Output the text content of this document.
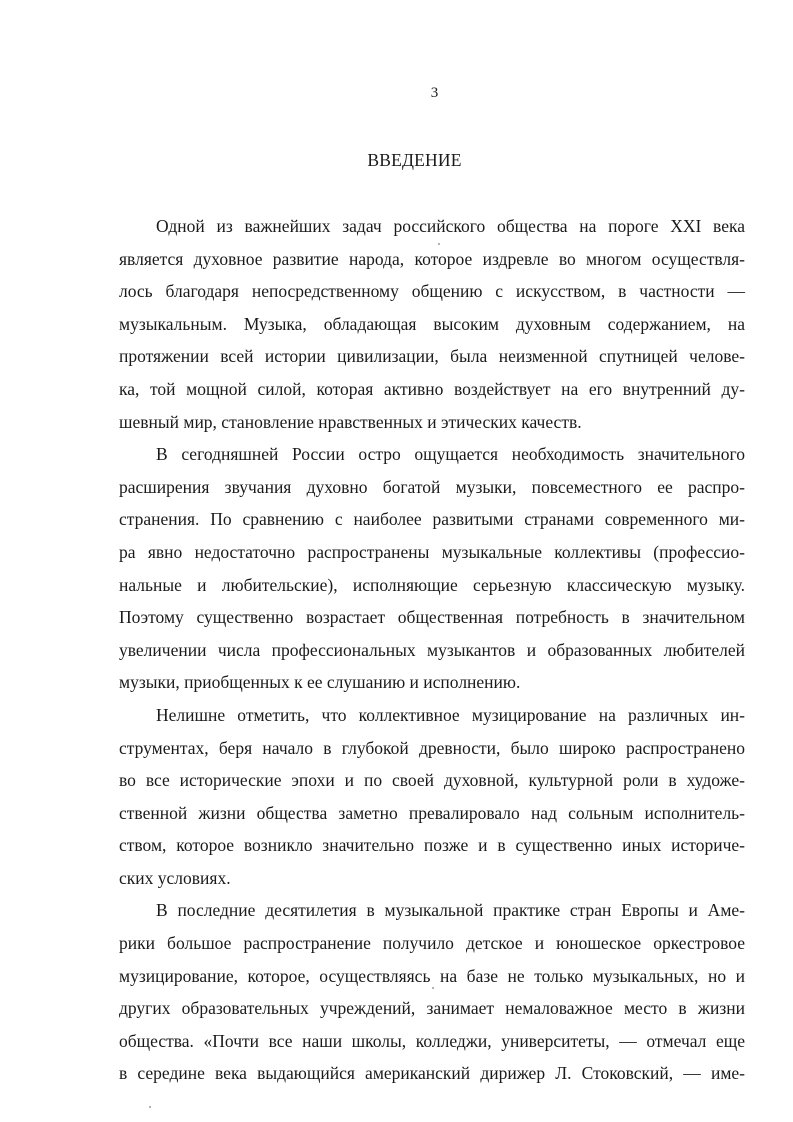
3
ВВЕДЕНИЕ
Одной из важнейших задач российского общества на пороге XXI века
является духовное развитие народа, которое издревле во многом осуществля-
лось благодаря непосредственному общению с искусством, в частности —
музыкальным. Музыка, обладающая высоким духовным содержанием, на
протяжении всей истории цивилизации, была неизменной спутницей челове-
ка, той мощной силой, которая активно воздействует на его внутренний ду-
шевный мир, становление нравственных и этических качеств.
В сегодняшней России остро ощущается необходимость значительного
расширения звучания духовно богатой музыки, повсеместного ее распро-
странения. По сравнению с наиболее развитыми странами современного ми-
ра явно недостаточно распространены музыкальные коллективы (профессио-
нальные и любительские), исполняющие серьезную классическую музыку.
Поэтому существенно возрастает общественная потребность в значительном
увеличении числа профессиональных музыкантов и образованных любителей
музыки, приобщенных к ее слушанию и исполнению.
Нелишне отметить, что коллективное музицирование на различных ин-
струментах, беря начало в глубокой древности, было широко распространено
во все исторические эпохи и по своей духовной, культурной роли в художе-
ственной жизни общества заметно превалировало над сольным исполнитель-
ством, которое возникло значительно позже и в существенно иных историче-
ских условиях.
В последние десятилетия в музыкальной практике стран Европы и Аме-
рики большое распространение получило детское и юношеское оркестровое
музицирование, которое, осуществляясь на базе не только музыкальных, но и
других образовательных учреждений, занимает немаловажное место в жизни
общества. «Почти все наши школы, колледжи, университеты, — отмечал еще
в середине века выдающийся американский дирижер Л. Стоковский, — име-
